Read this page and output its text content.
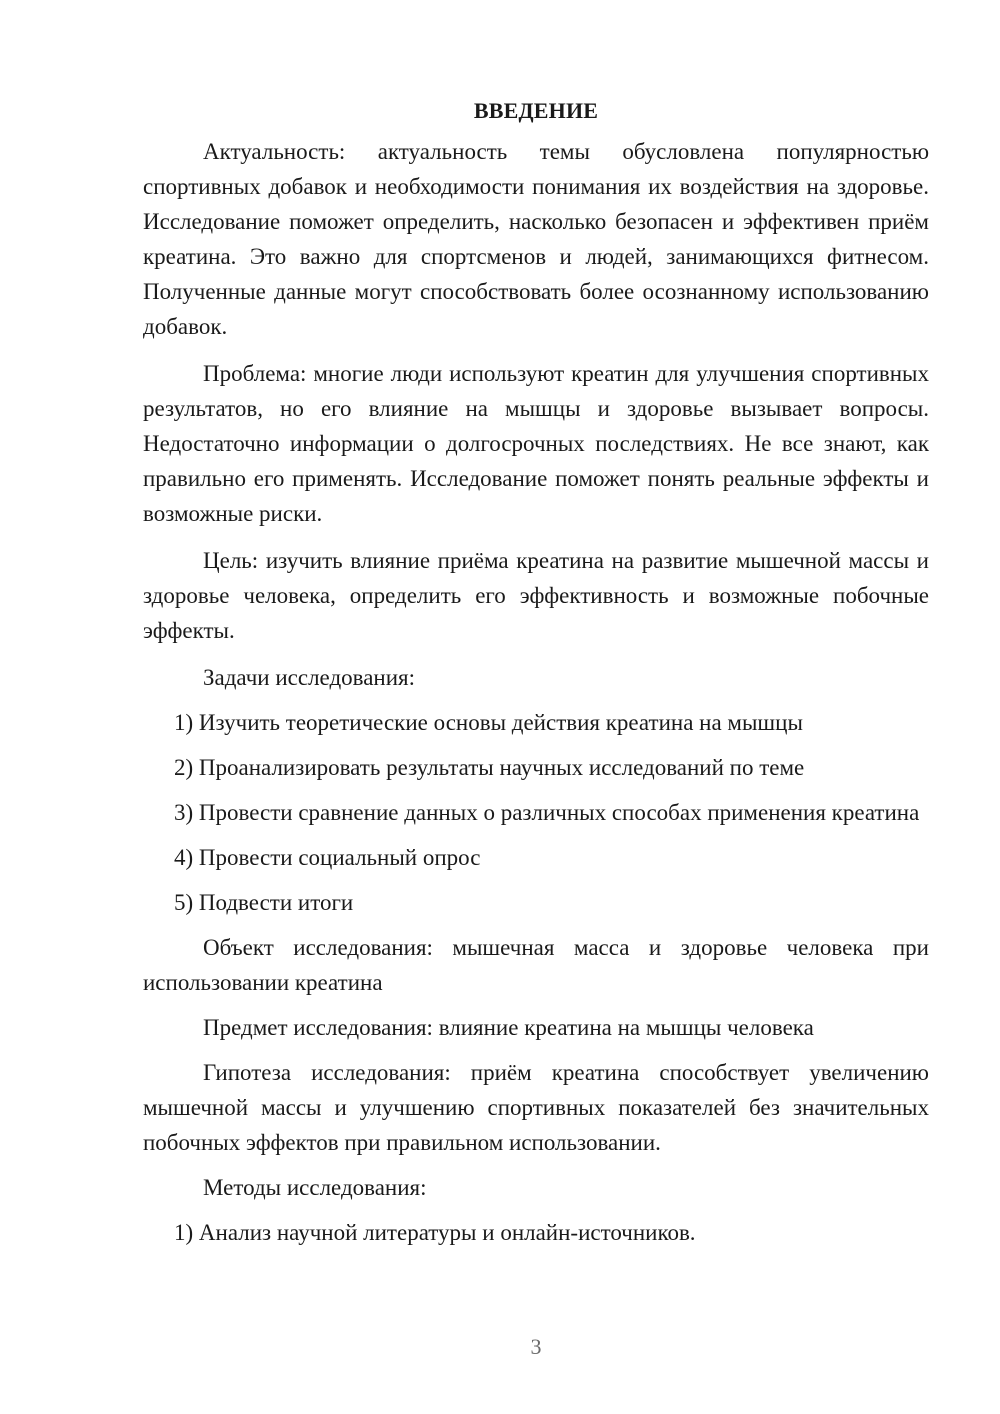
ВВЕДЕНИЕ

Актуальность: актуальность темы обусловлена популярностью спортивных добавок и необходимости понимания их воздействия на здоровье. Исследование поможет определить, насколько безопасен и эффективен приём креатина. Это важно для спортсменов и людей, занимающихся фитнесом. Полученные данные могут способствовать более осознанному использованию добавок.

Проблема: многие люди используют креатин для улучшения спортивных результатов, но его влияние на мышцы и здоровье вызывает вопросы. Недостаточно информации о долгосрочных последствиях. Не все знают, как правильно его применять. Исследование поможет понять реальные эффекты и возможные риски.

Цель: изучить влияние приёма креатина на развитие мышечной массы и здоровье человека, определить его эффективность и возможные побочные эффекты.

Задачи исследования:

1) Изучить теоретические основы действия креатина на мышцы

2) Проанализировать результаты научных исследований по теме

3) Провести сравнение данных о различных способах применения креатина

4) Провести социальный опрос

5) Подвести итоги

Объект исследования: мышечная масса и здоровье человека при использовании креатина

Предмет исследования: влияние креатина на мышцы человека

Гипотеза исследования: приём креатина способствует увеличению мышечной массы и улучшению спортивных показателей без значительных побочных эффектов при правильном использовании.

Методы исследования:

1) Анализ научной литературы и онлайн-источников.

3
